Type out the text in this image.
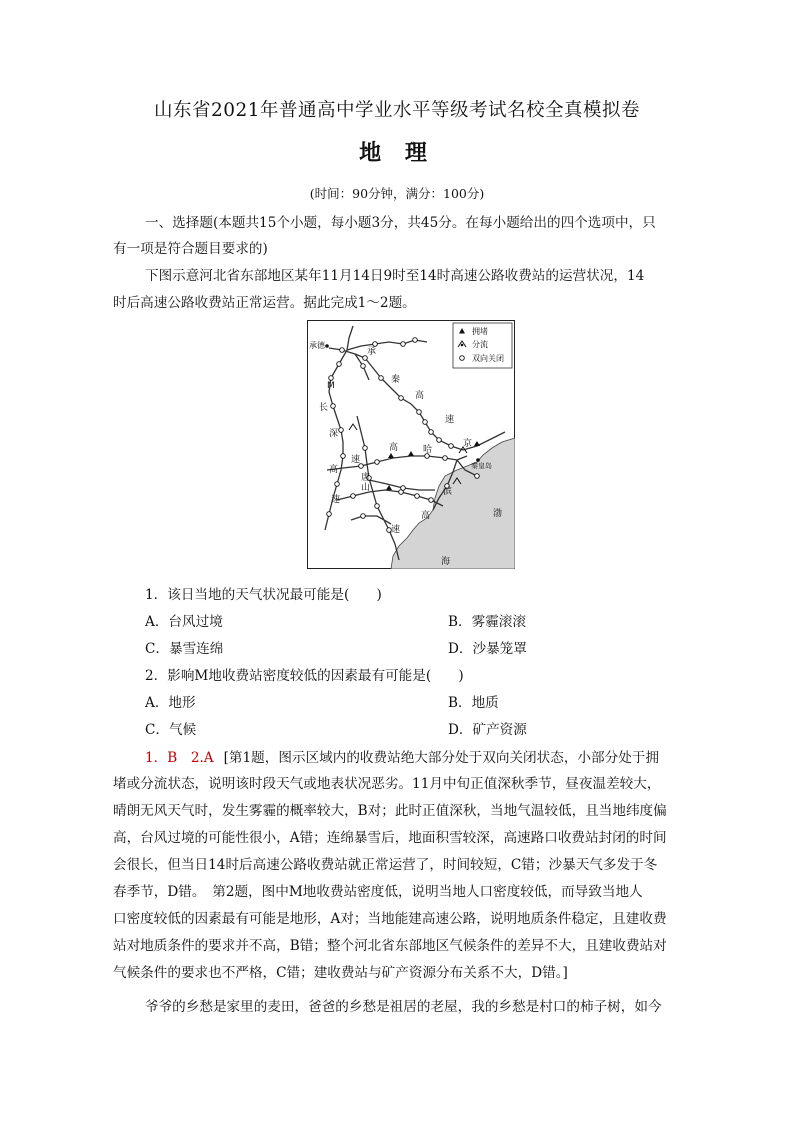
山东省2021年普通高中学业水平等级考试名校全真模拟卷
地 理
(时间：90分钟，满分：100分)
一、选择题(本题共15个小题，每小题3分，共45分。在每小题给出的四个选项中，只
有一项是符合题目要求的)
下图示意河北省东部地区某年11月14日9时至14时高速公路收费站的运营状况，14
时后高速公路收费站正常运营。据此完成1～2题。
拥堵
分流
双向关闭
承德
承
秦
高
速
M
长
深
高	哈
京
秦皇岛
高
速
唐
山	滨
速
速
高	渤
海
1．该日当地的天气状况最可能是(　　)
A．台风过境	B．雾霾滚滚
C．暴雪连绵	D．沙暴笼罩
2．影响M地收费站密度较低的因素最有可能是(　　)
A．地形	B．地质
C．气候	D．矿产资源
1．B　2.A [第1题，图示区域内的收费站绝大部分处于双向关闭状态，小部分处于拥
堵或分流状态，说明该时段天气或地表状况恶劣。11月中旬正值深秋季节，昼夜温差较大，
晴朗无风天气时，发生雾霾的概率较大，B对；此时正值深秋，当地气温较低，且当地纬度偏
高，台风过境的可能性很小，A错；连绵暴雪后，地面积雪较深，高速路口收费站封闭的时间
会很长，但当日14时后高速公路收费站就正常运营了，时间较短，C错；沙暴天气多发于冬
春季节，D错。　第2题，图中M地收费站密度低，说明当地人口密度较低，而导致当地人
口密度较低的因素最有可能是地形，A对；当地能建高速公路，说明地质条件稳定，且建收费
站对地质条件的要求并不高，B错；整个河北省东部地区气候条件的差异不大，且建收费站对
气候条件的要求也不严格，C错；建收费站与矿产资源分布关系不大，D错。]
爷爷的乡愁是家里的麦田，爸爸的乡愁是祖居的老屋，我的乡愁是村口的柿子树，如今
